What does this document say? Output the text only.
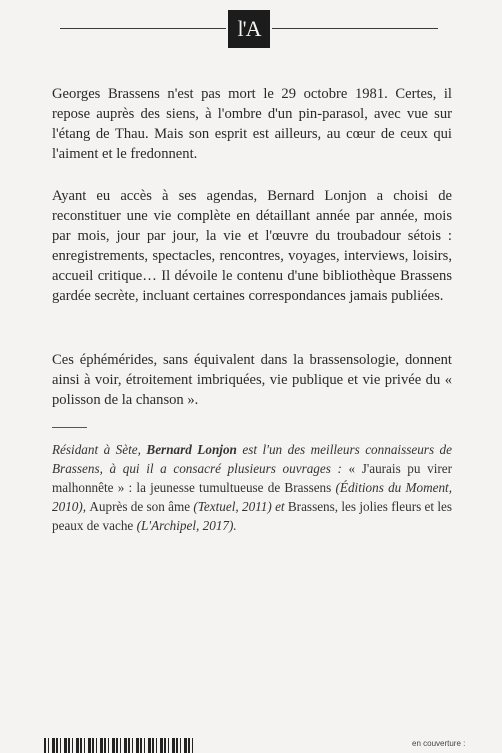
l'A

Georges Brassens n'est pas mort le 29 octobre 1981. Certes, il repose auprès des siens, à l'ombre d'un pin-parasol, avec vue sur l'étang de Thau. Mais son esprit est ailleurs, au cœur de ceux qui l'aiment et le fredonnent.

Ayant eu accès à ses agendas, Bernard Lonjon a choisi de reconstituer une vie complète en détaillant année par année, mois par mois, jour par jour, la vie et l'œuvre du troubadour sétois : enregistrements, spectacles, rencontres, voyages, interviews, loisirs, accueil critique… Il dévoile le contenu d'une bibliothèque Brassens gardée secrète, incluant certaines correspondances jamais publiées.

Ces éphémérides, sans équivalent dans la brassensologie, donnent ainsi à voir, étroitement imbriquées, vie publique et vie privée du « polisson de la chanson ».

Résidant à Sète, Bernard Lonjon est l'un des meilleurs connaisseurs de Brassens, à qui il a consacré plusieurs ouvrages : « J'aurais pu virer malhonnête » : la jeunesse tumultueuse de Brassens (Éditions du Moment, 2010), Auprès de son âme (Textuel, 2011) et Brassens, les jolies fleurs et les peaux de vache (L'Archipel, 2017).
en couverture :
